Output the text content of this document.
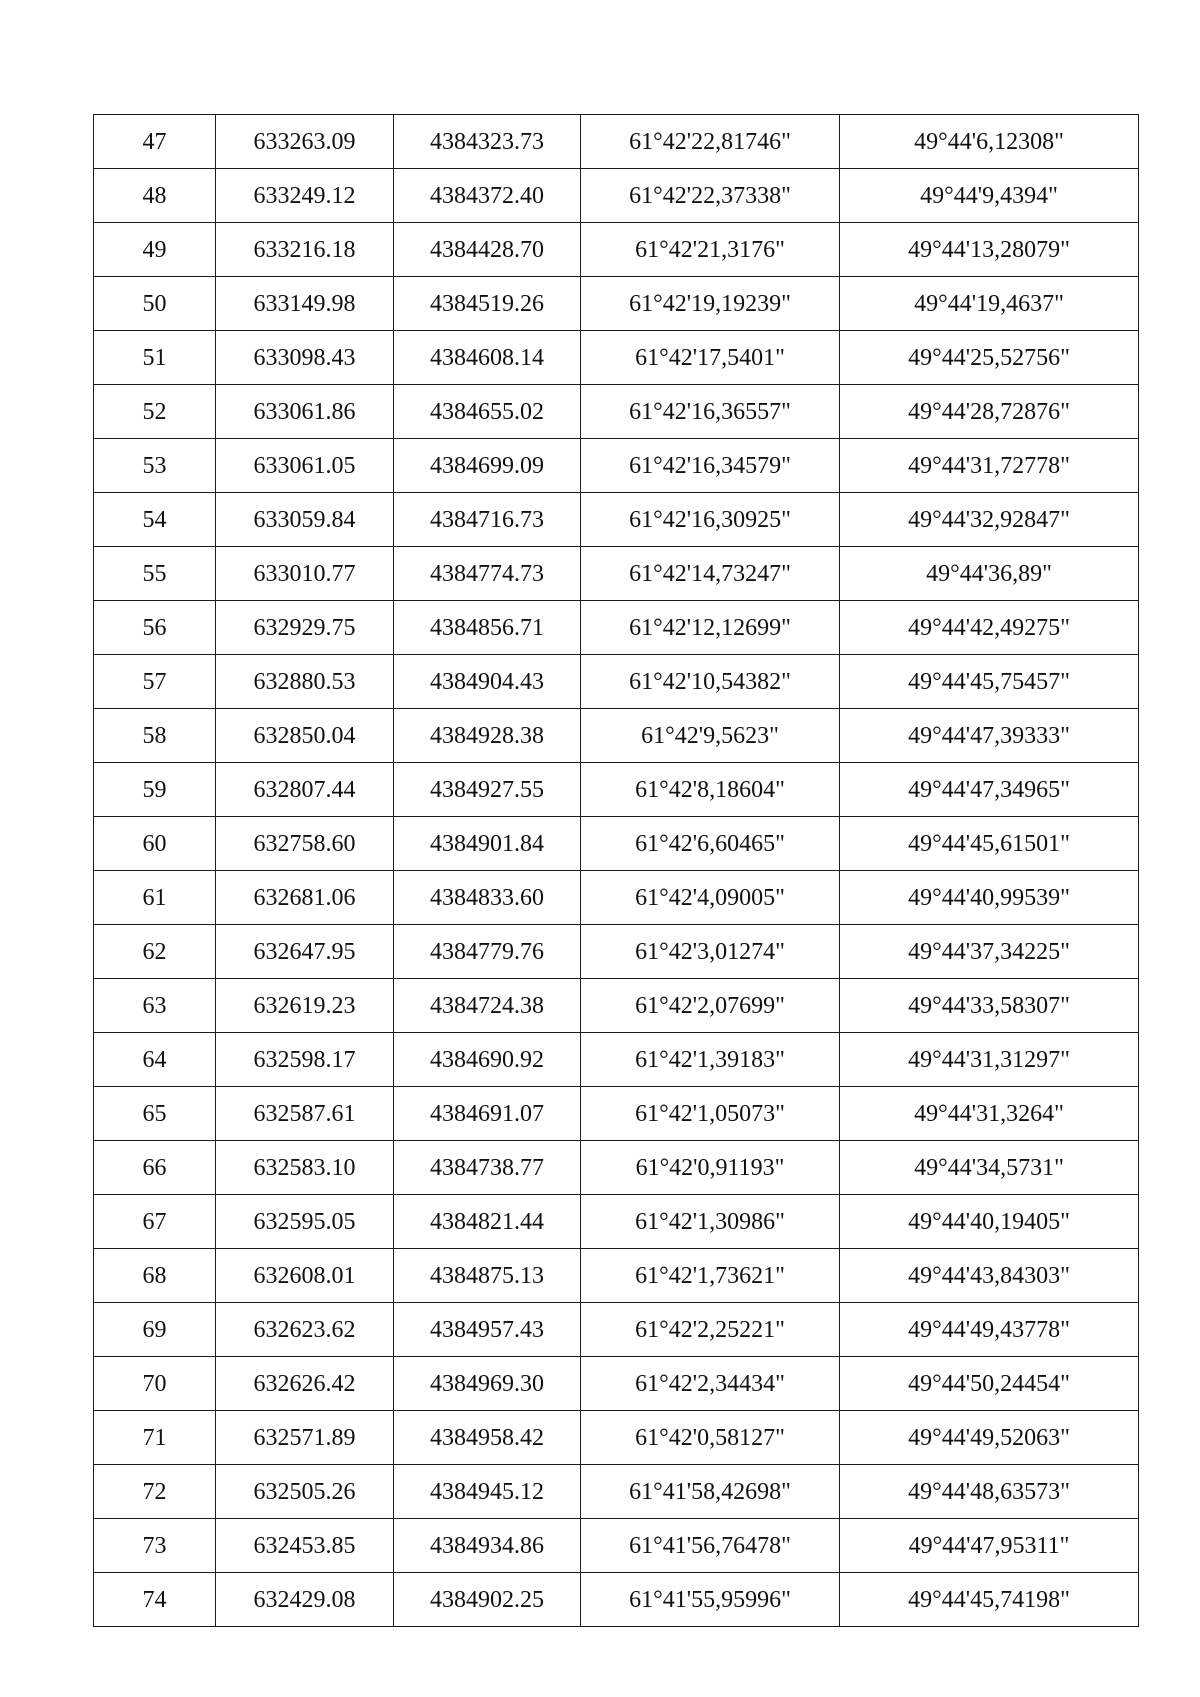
47	633263.09	4384323.73	61°42'22,81746"	49°44'6,12308"
48	633249.12	4384372.40	61°42'22,37338"	49°44'9,4394"
49	633216.18	4384428.70	61°42'21,3176"	49°44'13,28079"
50	633149.98	4384519.26	61°42'19,19239"	49°44'19,4637"
51	633098.43	4384608.14	61°42'17,5401"	49°44'25,52756"
52	633061.86	4384655.02	61°42'16,36557"	49°44'28,72876"
53	633061.05	4384699.09	61°42'16,34579"	49°44'31,72778"
54	633059.84	4384716.73	61°42'16,30925"	49°44'32,92847"
55	633010.77	4384774.73	61°42'14,73247"	49°44'36,89"
56	632929.75	4384856.71	61°42'12,12699"	49°44'42,49275"
57	632880.53	4384904.43	61°42'10,54382"	49°44'45,75457"
58	632850.04	4384928.38	61°42'9,5623"	49°44'47,39333"
59	632807.44	4384927.55	61°42'8,18604"	49°44'47,34965"
60	632758.60	4384901.84	61°42'6,60465"	49°44'45,61501"
61	632681.06	4384833.60	61°42'4,09005"	49°44'40,99539"
62	632647.95	4384779.76	61°42'3,01274"	49°44'37,34225"
63	632619.23	4384724.38	61°42'2,07699"	49°44'33,58307"
64	632598.17	4384690.92	61°42'1,39183"	49°44'31,31297"
65	632587.61	4384691.07	61°42'1,05073"	49°44'31,3264"
66	632583.10	4384738.77	61°42'0,91193"	49°44'34,5731"
67	632595.05	4384821.44	61°42'1,30986"	49°44'40,19405"
68	632608.01	4384875.13	61°42'1,73621"	49°44'43,84303"
69	632623.62	4384957.43	61°42'2,25221"	49°44'49,43778"
70	632626.42	4384969.30	61°42'2,34434"	49°44'50,24454"
71	632571.89	4384958.42	61°42'0,58127"	49°44'49,52063"
72	632505.26	4384945.12	61°41'58,42698"	49°44'48,63573"
73	632453.85	4384934.86	61°41'56,76478"	49°44'47,95311"
74	632429.08	4384902.25	61°41'55,95996"	49°44'45,74198"
